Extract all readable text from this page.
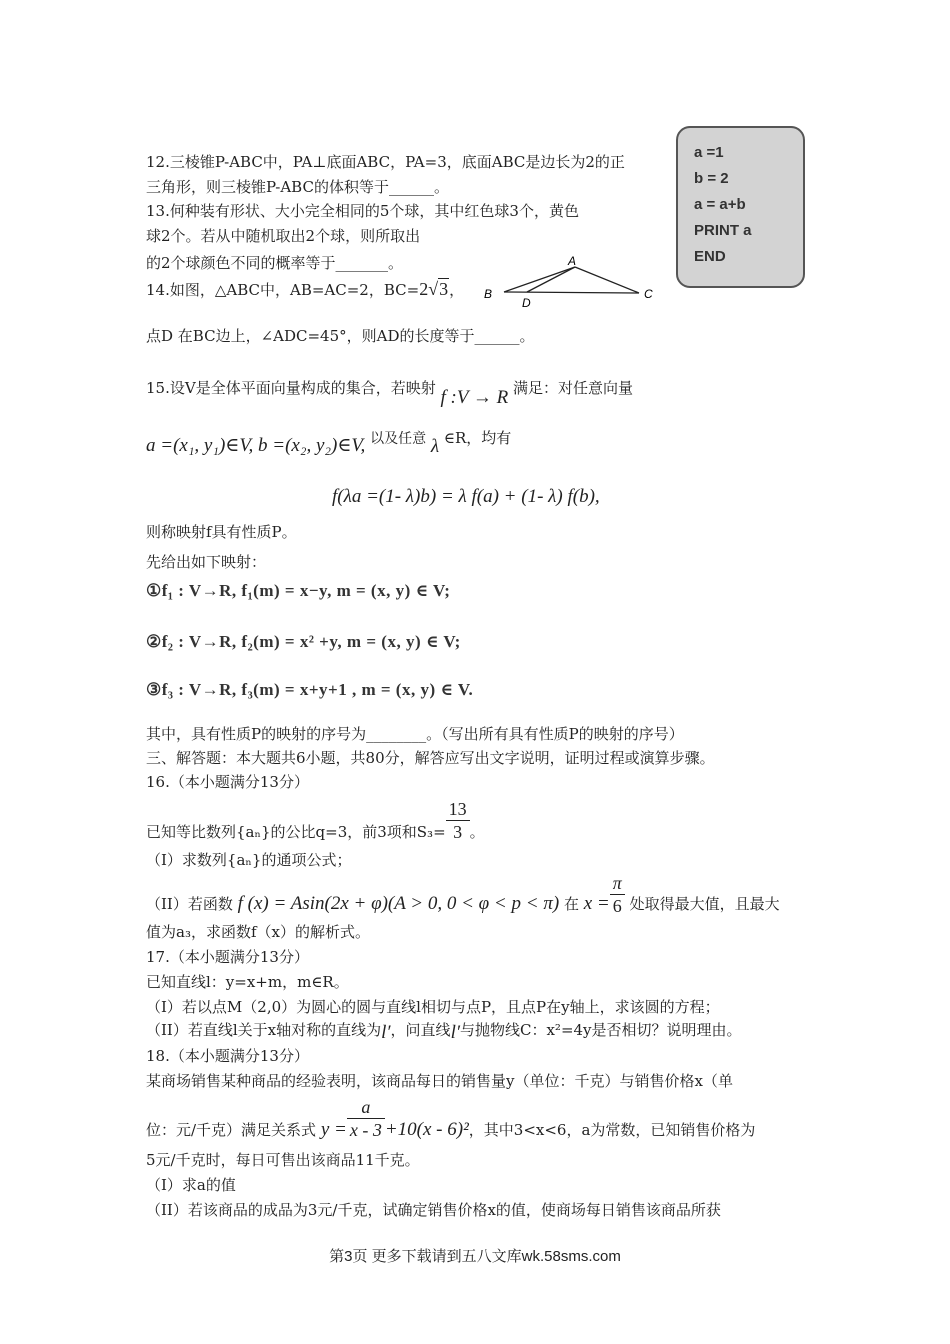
12.三棱锥P-ABC中，PA⊥底面ABC，PA=3，底面ABC是边长为2的正
三角形，则三棱锥P-ABC的体积等于______。
a =1
b = 2
a = a+b
PRINT a
END
13.何种装有形状、大小完全相同的5个球，其中红色球3个，黄色
球2个。若从中随机取出2个球，则所取出
的2个球颜色不同的概率等于_______。	A
B
D
C
14.如图，△ABC中，AB=AC=2，BC=2√3，
点D 在BC边上，∠ADC=45°，则AD的长度等于______。
15.设V是全体平面向量构成的集合，若映射 f :V → R 满足：对任意向量
a =(x₁, y₁)∈V, b =(x₂, y₂)∈V, 以及任意 λ ∈R，均有
f(λa =(1- λ)b) = λ f(a) + (1- λ) f(b),
则称映射f具有性质P。
先给出如下映射：
①f₁ : V→R, f₁(m) = x−y, m = (x, y) ∈ V;
②f₂ : V→R, f₂(m) = x² +y, m = (x, y) ∈ V;
③f₃ : V→R, f₃(m) = x+y+1 , m = (x, y) ∈ V.
其中，具有性质P的映射的序号为________。（写出所有具有性质P的映射的序号）
三、解答题：本大题共6小题，共80分，解答应写出文字说明，证明过程或演算步骤。
16.（本小题满分13分）
已知等比数列{aₙ}的公比q=3，前3项和$S_3= \frac{13}{3}$ 。
（I）求数列{aₙ}的通项公式；
（II）若函数 f (x) = Asin(2x + φ)(A > 0, 0 < φ < p < π) 在 $x = \frac{\pi}{6}$ 处取得最大值，且最大
值为a₃，求函数f（x）的解析式。
17.（本小题满分13分）
已知直线l：y=x+m，m∈R。
（I）若以点M（2,0）为圆心的圆与直线l相切与点P，且点P在y轴上，求该圆的方程；
（II）若直线l关于x轴对称的直线为l′，问直线l′与抛物线C：x²=4y是否相切？说明理由。
18.（本小题满分13分）
某商场销售某种商品的经验表明，该商品每日的销售量y（单位：千克）与销售价格x（单
位：元/千克）满足关系式 $y = \frac{a}{x - 3} +10(x - 6)^2$，其中3<x<6，a为常数，已知销售价格为
5元/千克时，每日可售出该商品11千克。
（I）求a的值
（II）若该商品的成品为3元/千克，试确定销售价格x的值，使商场每日销售该商品所获
第3页 更多下载请到五八文库wk.58sms.com
